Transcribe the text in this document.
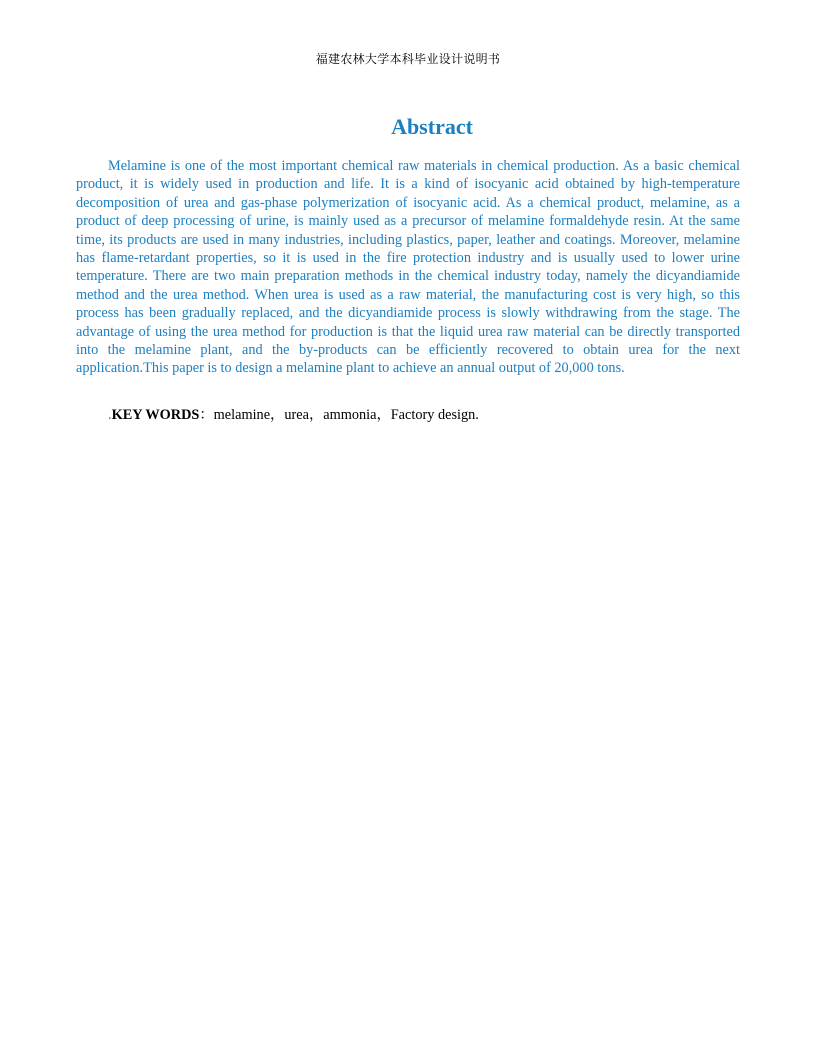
福建农林大学本科毕业设计说明书
Abstract

Melamine is one of the most important chemical raw materials in chemical production. As a basic chemical product, it is widely used in production and life. It is a kind of isocyanic acid obtained by high-temperature decomposition of urea and gas-phase polymerization of isocyanic acid. As a chemical product, melamine, as a product of deep processing of urine, is mainly used as a precursor of melamine formaldehyde resin. At the same time, its products are used in many industries, including plastics, paper, leather and coatings. Moreover, melamine has flame-retardant properties, so it is used in the fire protection industry and is usually used to lower urine temperature. There are two main preparation methods in the chemical industry today, namely the dicyandiamide method and the urea method. When urea is used as a raw material, the manufacturing cost is very high, so this process has been gradually replaced, and the dicyandiamide process is slowly withdrawing from the stage. The advantage of using the urea method for production is that the liquid urea raw material can be directly transported into the melamine plant, and the by-products can be efficiently recovered to obtain urea for the next application.This paper is to design a melamine plant to achieve an annual output of 20,000 tons.

.KEY WORDS：melamine，urea，ammonia，Factory design.
